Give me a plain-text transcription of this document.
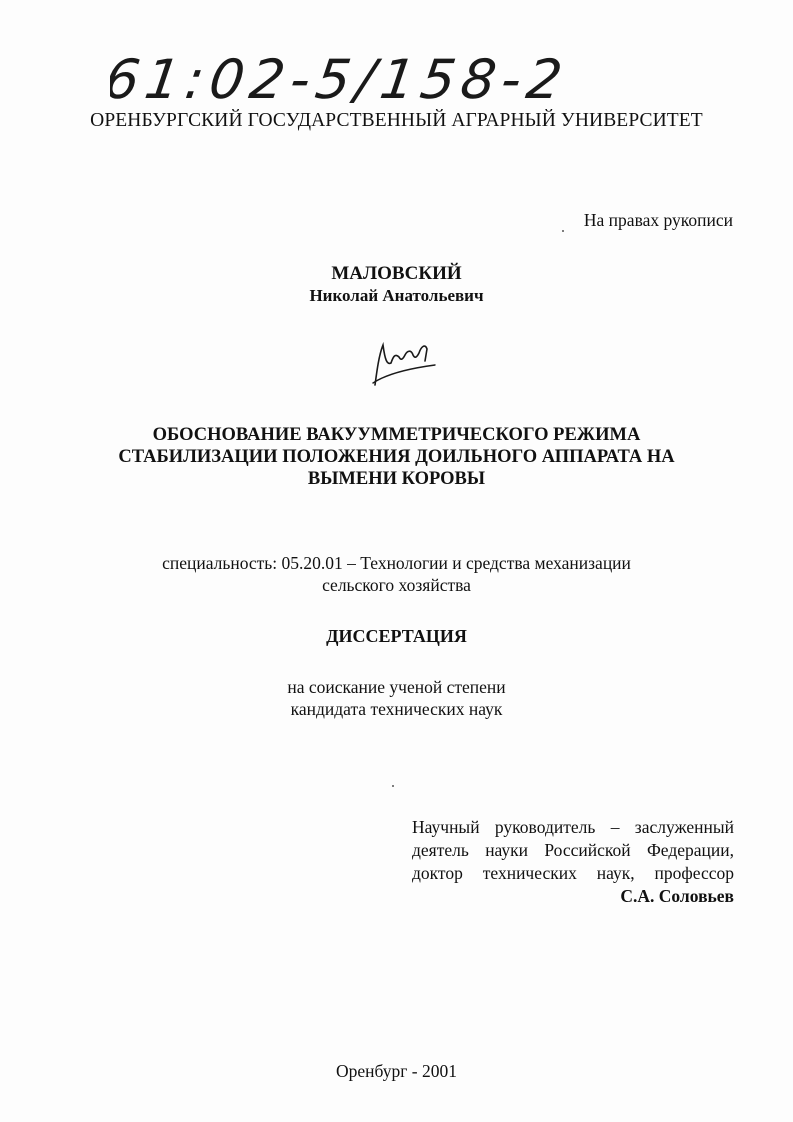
61:02-5/158-2
ОРЕНБУРГСКИЙ ГОСУДАРСТВЕННЫЙ АГРАРНЫЙ УНИВЕРСИТЕТ
На правах рукописи
МАЛОВСКИЙ
Николай Анатольевич
ОБОСНОВАНИЕ ВАКУУММЕТРИЧЕСКОГО РЕЖИМА СТАБИЛИЗАЦИИ ПОЛОЖЕНИЯ ДОИЛЬНОГО АППАРАТА НА ВЫМЕНИ КОРОВЫ
специальность: 05.20.01 – Технологии и средства механизации
сельского хозяйства
ДИССЕРТАЦИЯ
на соискание ученой степени
кандидата технических наук
Научный руководитель – заслуженный
деятель науки Российской Федерации,
доктор технических наук, профессор
С.А. Соловьев
Оренбург - 2001
